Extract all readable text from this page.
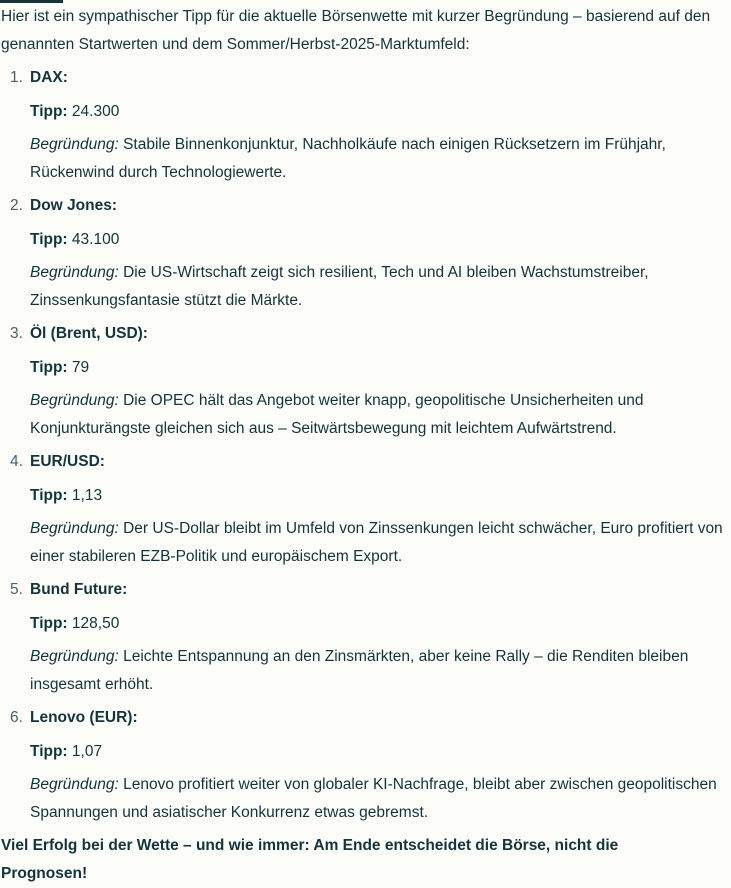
Hier ist ein sympathischer Tipp für die aktuelle Börsenwette mit kurzer Begründung – basierend auf den genannten Startwerten und dem Sommer/Herbst-2025-Marktumfeld:

1. DAX:

Tipp: 24.300

Begründung: Stabile Binnenkonjunktur, Nachholkäufe nach einigen Rücksetzern im Frühjahr, Rückenwind durch Technologiewerte.

2. Dow Jones:

Tipp: 43.100

Begründung: Die US-Wirtschaft zeigt sich resilient, Tech und AI bleiben Wachstumstreiber, Zinssenkungsfantasie stützt die Märkte.

3. Öl (Brent, USD):

Tipp: 79

Begründung: Die OPEC hält das Angebot weiter knapp, geopolitische Unsicherheiten und Konjunkturängste gleichen sich aus – Seitwärtsbewegung mit leichtem Aufwärtstrend.

4. EUR/USD:

Tipp: 1,13

Begründung: Der US-Dollar bleibt im Umfeld von Zinssenkungen leicht schwächer, Euro profitiert von einer stabileren EZB-Politik und europäischem Export.

5. Bund Future:

Tipp: 128,50

Begründung: Leichte Entspannung an den Zinsmärkten, aber keine Rally – die Renditen bleiben insgesamt erhöht.

6. Lenovo (EUR):

Tipp: 1,07

Begründung: Lenovo profitiert weiter von globaler KI-Nachfrage, bleibt aber zwischen geopolitischen Spannungen und asiatischer Konkurrenz etwas gebremst.

Viel Erfolg bei der Wette – und wie immer: Am Ende entscheidet die Börse, nicht die Prognosen!
